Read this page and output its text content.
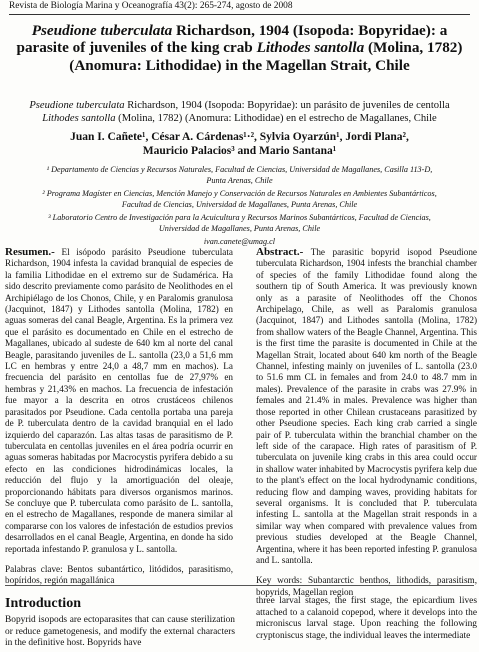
Revista de Biología Marina y Oceanografía 43(2): 265-274, agosto de 2008
Pseudione tuberculata Richardson, 1904 (Isopoda: Bopyridae): a parasite of juveniles of the king crab Lithodes santolla (Molina, 1782) (Anomura: Lithodidae) in the Magellan Strait, Chile
Pseudione tuberculata Richardson, 1904 (Isopoda: Bopyridae): un parásito de juveniles de centolla Lithodes santolla (Molina, 1782) (Anomura: Lithodidae) en el estrecho de Magallanes, Chile
Juan I. Cañete¹, César A. Cárdenas¹·², Sylvia Oyarzún¹, Jordi Plana²,
Mauricio Palacios³ and Mario Santana¹

¹ Departamento de Ciencias y Recursos Naturales, Facultad de Ciencias, Universidad de Magallanes, Casilla 113-D, Punta Arenas, Chile

² Programa Magíster en Ciencias, Mención Manejo y Conservación de Recursos Naturales en Ambientes Subantárticos, Facultad de Ciencias, Universidad de Magallanes, Punta Arenas, Chile

³ Laboratorio Centro de Investigación para la Acuicultura y Recursos Marinos Subantárticos, Facultad de Ciencias, Universidad de Magallanes, Punta Arenas, Chile

ivan.canete@umag.cl

Resumen.- El isópodo parásito Pseudione tuberculata Richardson, 1904 infesta la cavidad branquial de especies de la familia Lithodidae en el extremo sur de Sudamérica. Ha sido descrito previamente como parásito de Neolithodes en el Archipiélago de los Chonos, Chile, y en Paralomis granulosa (Jacquinot, 1847) y Lithodes santolla (Molina, 1782) en aguas someras del canal Beagle, Argentina. Es la primera vez que el parásito es documentado en Chile en el estrecho de Magallanes, ubicado al sudeste de 640 km al norte del canal Beagle, parasitando juveniles de L. santolla (23,0 a 51,6 mm LC en hembras y entre 24,0 a 48,7 mm en machos). La frecuencia del parásito en centollas fue de 27,97% en hembras y 21,43% en machos. La frecuencia de infestación fue mayor a la descrita en otros crustáceos chilenos parasitados por Pseudione. Cada centolla portaba una pareja de P. tuberculata dentro de la cavidad branquial en el lado izquierdo del caparazón. Las altas tasas de parasitismo de P. tuberculata en centollas juveniles en el área podría ocurrir en aguas someras habitadas por Macrocystis pyrifera debido a su efecto en las condiciones hidrodinámicas locales, la reducción del flujo y la amortiguación del oleaje, proporcionando hábitats para diversos organismos marinos. Se concluye que P. tuberculata como parásito de L. santolla, en el estrecho de Magallanes, responde de manera similar al compararse con los valores de infestación de estudios previos desarrollados en el canal Beagle, Argentina, en donde ha sido reportada infestando P. granulosa y L. santolla.

Palabras clave: Bentos subantártico, litódidos, parasitismo, bopíridos, región magallánica

Abstract.- The parasitic bopyrid isopod Pseudione tuberculata Richardson, 1904 infests the branchial chamber of species of the family Lithodidae found along the southern tip of South America. It was previously known only as a parasite of Neolithodes off the Chonos Archipelago, Chile, as well as Paralomis granulosa (Jacquinot, 1847) and Lithodes santolla (Molina, 1782) from shallow waters of the Beagle Channel, Argentina. This is the first time the parasite is documented in Chile at the Magellan Strait, located about 640 km north of the Beagle Channel, infesting mainly on juveniles of L. santolla (23.0 to 51.6 mm CL in females and from 24.0 to 48.7 mm in males). Prevalence of the parasite in crabs was 27.9% in females and 21.4% in males. Prevalence was higher than those reported in other Chilean crustaceans parasitized by other Pseudione species. Each king crab carried a single pair of P. tuberculata within the branchial chamber on the left side of the carapace. High rates of parasitism of P. tuberculata on juvenile king crabs in this area could occur in shallow water inhabited by Macrocystis pyrifera kelp due to the plant's effect on the local hydrodynamic conditions, reducing flow and damping waves, providing habitats for several organisms. It is concluded that P. tuberculata infesting L. santolla at the Magellan strait responds in a similar way when compared with prevalence values from previous studies developed at the Beagle Channel, Argentina, where it has been reported infesting P. granulosa and L. santolla.

Key words: Subantarctic benthos, lithodids, parasitism, bopyrids, Magellan region

Introduction
Bopyrid isopods are ectoparasites that can cause sterilization or reduce gametogenesis, and modify the external characters in the definitive host. Bopyrids have
three larval stages, the first stage, the epicardium lives attached to a calanoid copepod, where it develops into the microniscus larval stage. Upon reaching the following cryptoniscus stage, the individual leaves the intermediate
